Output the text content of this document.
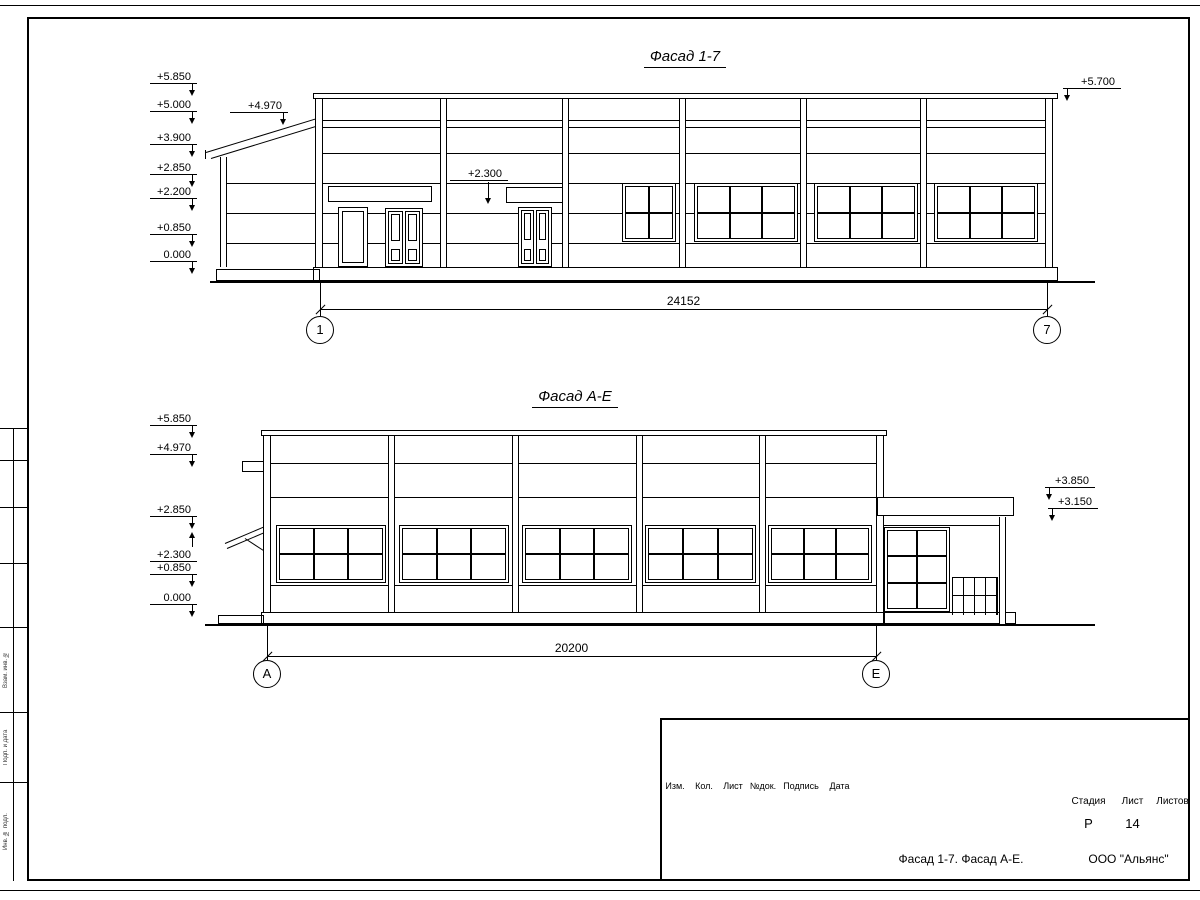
Фасад 1-7
Фасад А-Е
+5.850
+5.000
+3.900
+2.850
+2.200
+0.850
0.000
+4.970
+2.300
+5.700
24152
1	7
+5.850
+4.970
+2.850
+2.300
+0.850
0.000
+3.850
+3.150
20200
А	Е
Изм.	Кол.	Лист №док. Подпись	Дата
Стадия	Лист	Листов
Р	14
Фасад 1-7. Фасад А-Е.	ООО "Альянс"
Взам. инв. №
Подп. и дата
Инв. № подл.
